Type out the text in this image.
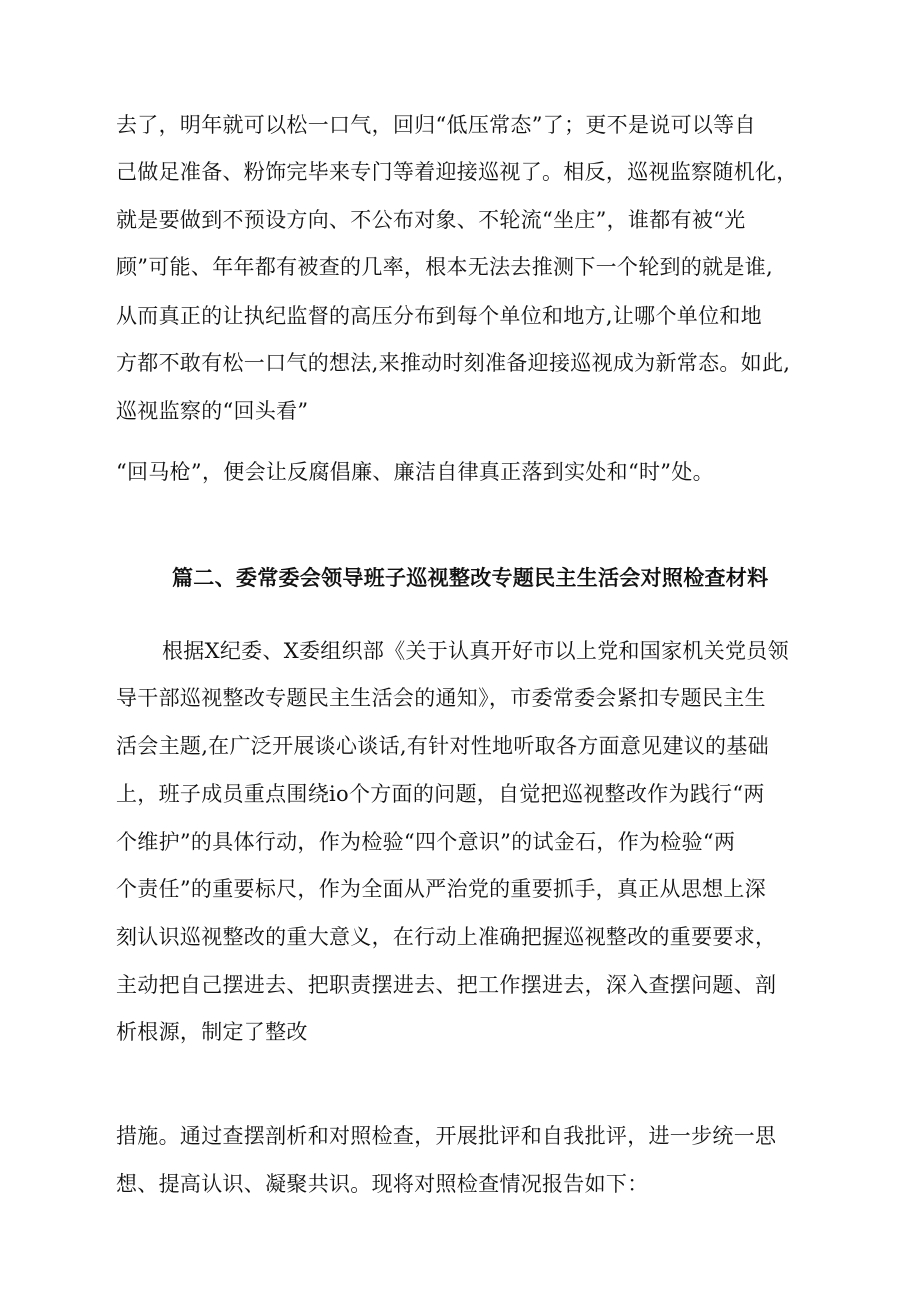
去了，明年就可以松一口气，回归“低压常态”了；更不是说可以等自
己做足准备、粉饰完毕来专门等着迎接巡视了。相反，巡视监察随机化，
就是要做到不预设方向、不公布对象、不轮流“坐庄”，谁都有被“光
顾”可能、年年都有被查的几率，根本无法去推测下一个轮到的就是谁,
从而真正的让执纪监督的高压分布到每个单位和地方,让哪个单位和地
方都不敢有松一口气的想法,来推动时刻准备迎接巡视成为新常态。如此,
巡视监察的“回头看”
“回马枪”，便会让反腐倡廉、廉洁自律真正落到实处和“时”处。
篇二、委常委会领导班子巡视整改专题民主生活会对照检查材料
根据X纪委、X委组织部《关于认真开好市以上党和国家机关党员领
导干部巡视整改专题民主生活会的通知》，市委常委会紧扣专题民主生
活会主题,在广泛开展谈心谈话,有针对性地听取各方面意见建议的基础
上，班子成员重点围绕io个方面的问题，自觉把巡视整改作为践行“两
个维护”的具体行动，作为检验“四个意识”的试金石，作为检验“两
个责任”的重要标尺，作为全面从严治党的重要抓手，真正从思想上深
刻认识巡视整改的重大意义，在行动上准确把握巡视整改的重要要求，
主动把自己摆进去、把职责摆进去、把工作摆进去，深入查摆问题、剖
析根源，制定了整改
措施。通过查摆剖析和对照检查，开展批评和自我批评，进一步统一思
想、提高认识、凝聚共识。现将对照检查情况报告如下：
